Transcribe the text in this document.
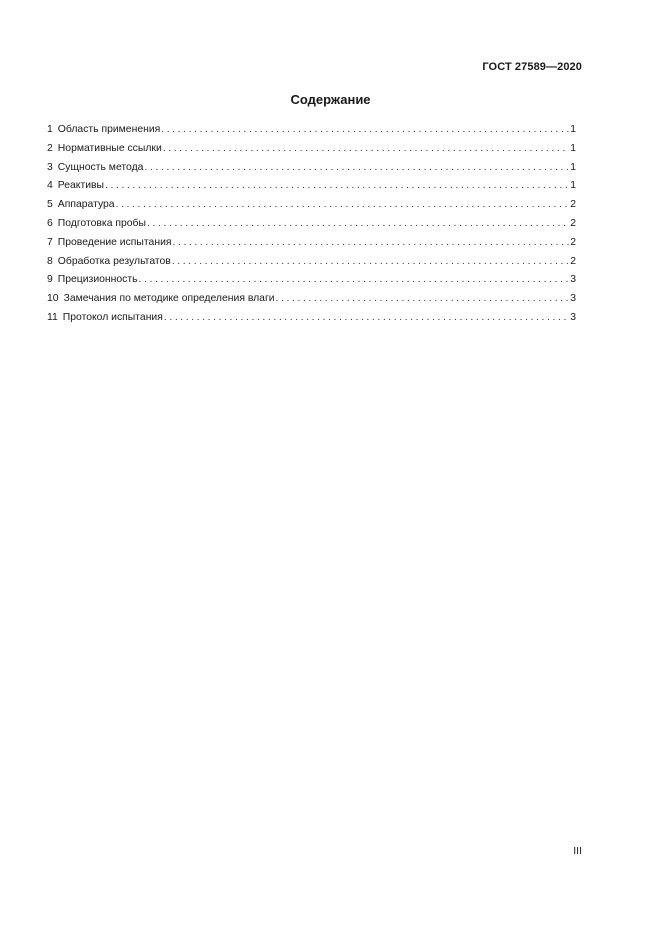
ГОСТ 27589—2020
Содержание
1 Область применения . . .	1
2 Нормативные ссылки . . .	1
3 Сущность метода . . .	1
4 Реактивы . . .	1
5 Аппаратура . . .	2
6 Подготовка пробы . . .	2
7 Проведение испытания . . .	2
8 Обработка результатов . . .	2
9 Прецизионность . . .	3
10 Замечания по методике определения влаги . . .	3
11 Протокол испытания . . .	3
III
